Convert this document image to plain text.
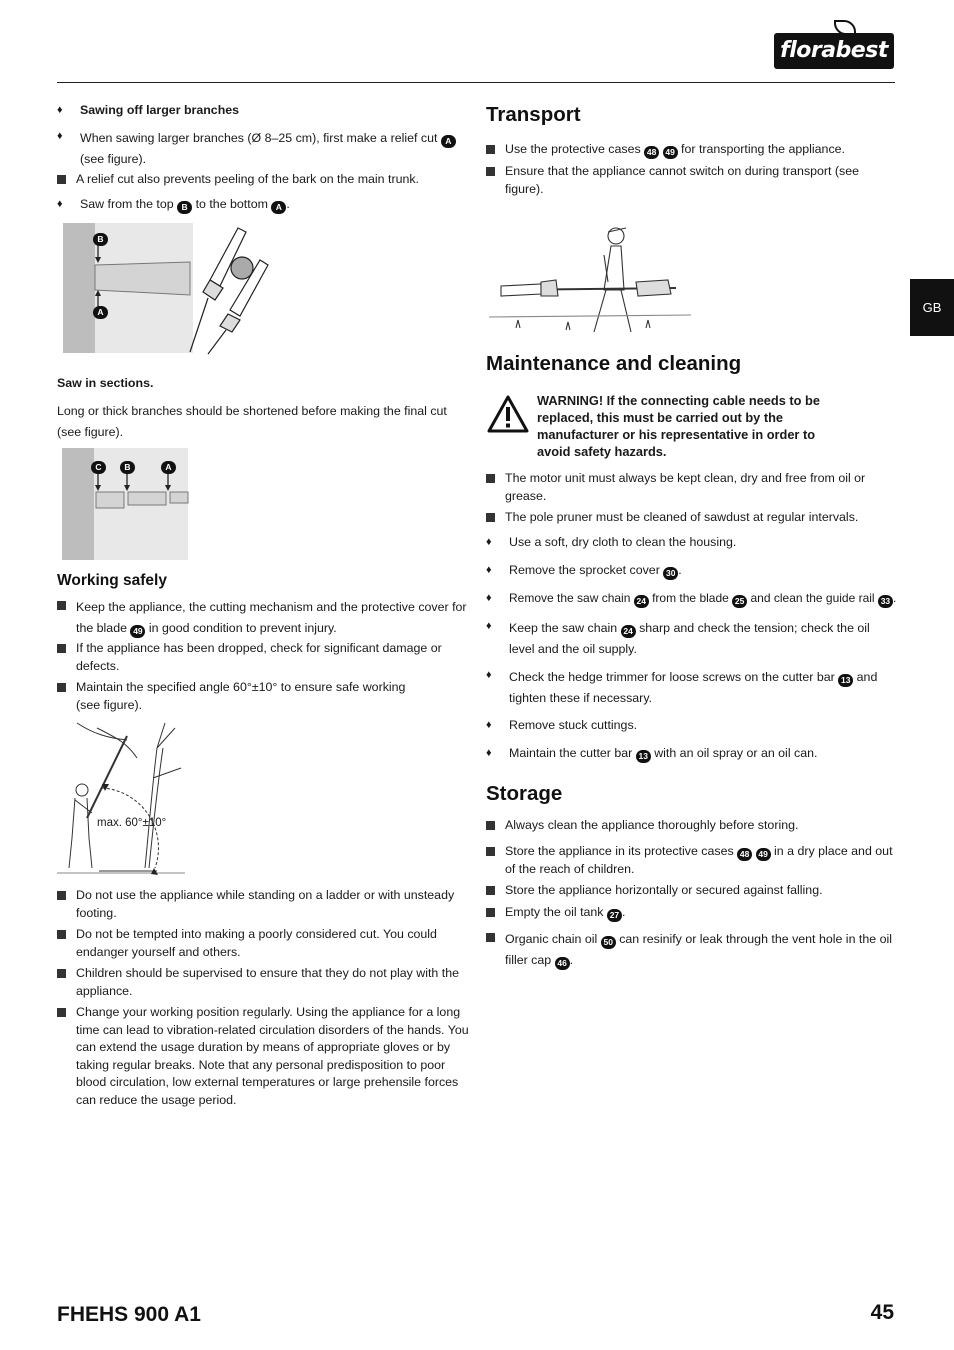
florabest
GB
♦	Sawing off larger branches
♦	When sawing larger branches (Ø 8–25 cm), first make a relief cut A (see figure).
A relief cut also prevents peeling of the bark on the main trunk.
♦	Saw from the top B to the bottom A .
B
A
Saw in sections.
Long or thick branches should be shortened before making the final cut (see figure).
C	B	A
Working safely
Keep the appliance, the cutting mechanism and the protective cover for the blade 49 in good condition to prevent injury.
If the appliance has been dropped, check for significant damage or defects.
Maintain the specified angle 60°±10° to ensure safe working (see figure).
max. 60°±10°
Do not use the appliance while standing on a ladder or with unsteady footing.
Do not be tempted into making a poorly considered cut. You could endanger yourself and others.
Children should be supervised to ensure that they do not play with the appliance.
Change your working position regularly. Using the appliance for a long time can lead to vibration-related circulation disorders of the hands. You can extend the usage duration by means of appropriate gloves or by taking regular breaks. Note that any personal predisposition to poor blood circulation, low external temperatures or large prehensile forces can reduce the usage period.
Transport
Use the protective cases 48 49 for transporting the appliance.
Ensure that the appliance cannot switch on during transport (see figure).
Maintenance and cleaning
WARNING! If the connecting cable needs to be replaced, this must be carried out by the manufacturer or his representative in order to avoid safety hazards.
The motor unit must always be kept clean, dry and free from oil or grease.
The pole pruner must be cleaned of sawdust at regular intervals.
♦	Use a soft, dry cloth to clean the housing.
♦	Remove the sprocket cover 30 .
♦	Remove the saw chain 24 from the blade 25 and clean the guide rail 33 .
♦	Keep the saw chain 24 sharp and check the tension; check the oil level and the oil supply.
♦	Check the hedge trimmer for loose screws on the cutter bar 13 and tighten these if necessary.
♦	Remove stuck cuttings.
♦	Maintain the cutter bar 13 with an oil spray or an oil can.
Storage
Always clean the appliance thoroughly before storing.
Store the appliance in its protective cases 48 49 in a dry place and out of the reach of children.
Store the appliance horizontally or secured against falling.
Empty the oil tank 27 .
Organic chain oil 50 can resinify or leak through the vent hole in the oil filler cap 46 .
FHEHS 900 A1	45
